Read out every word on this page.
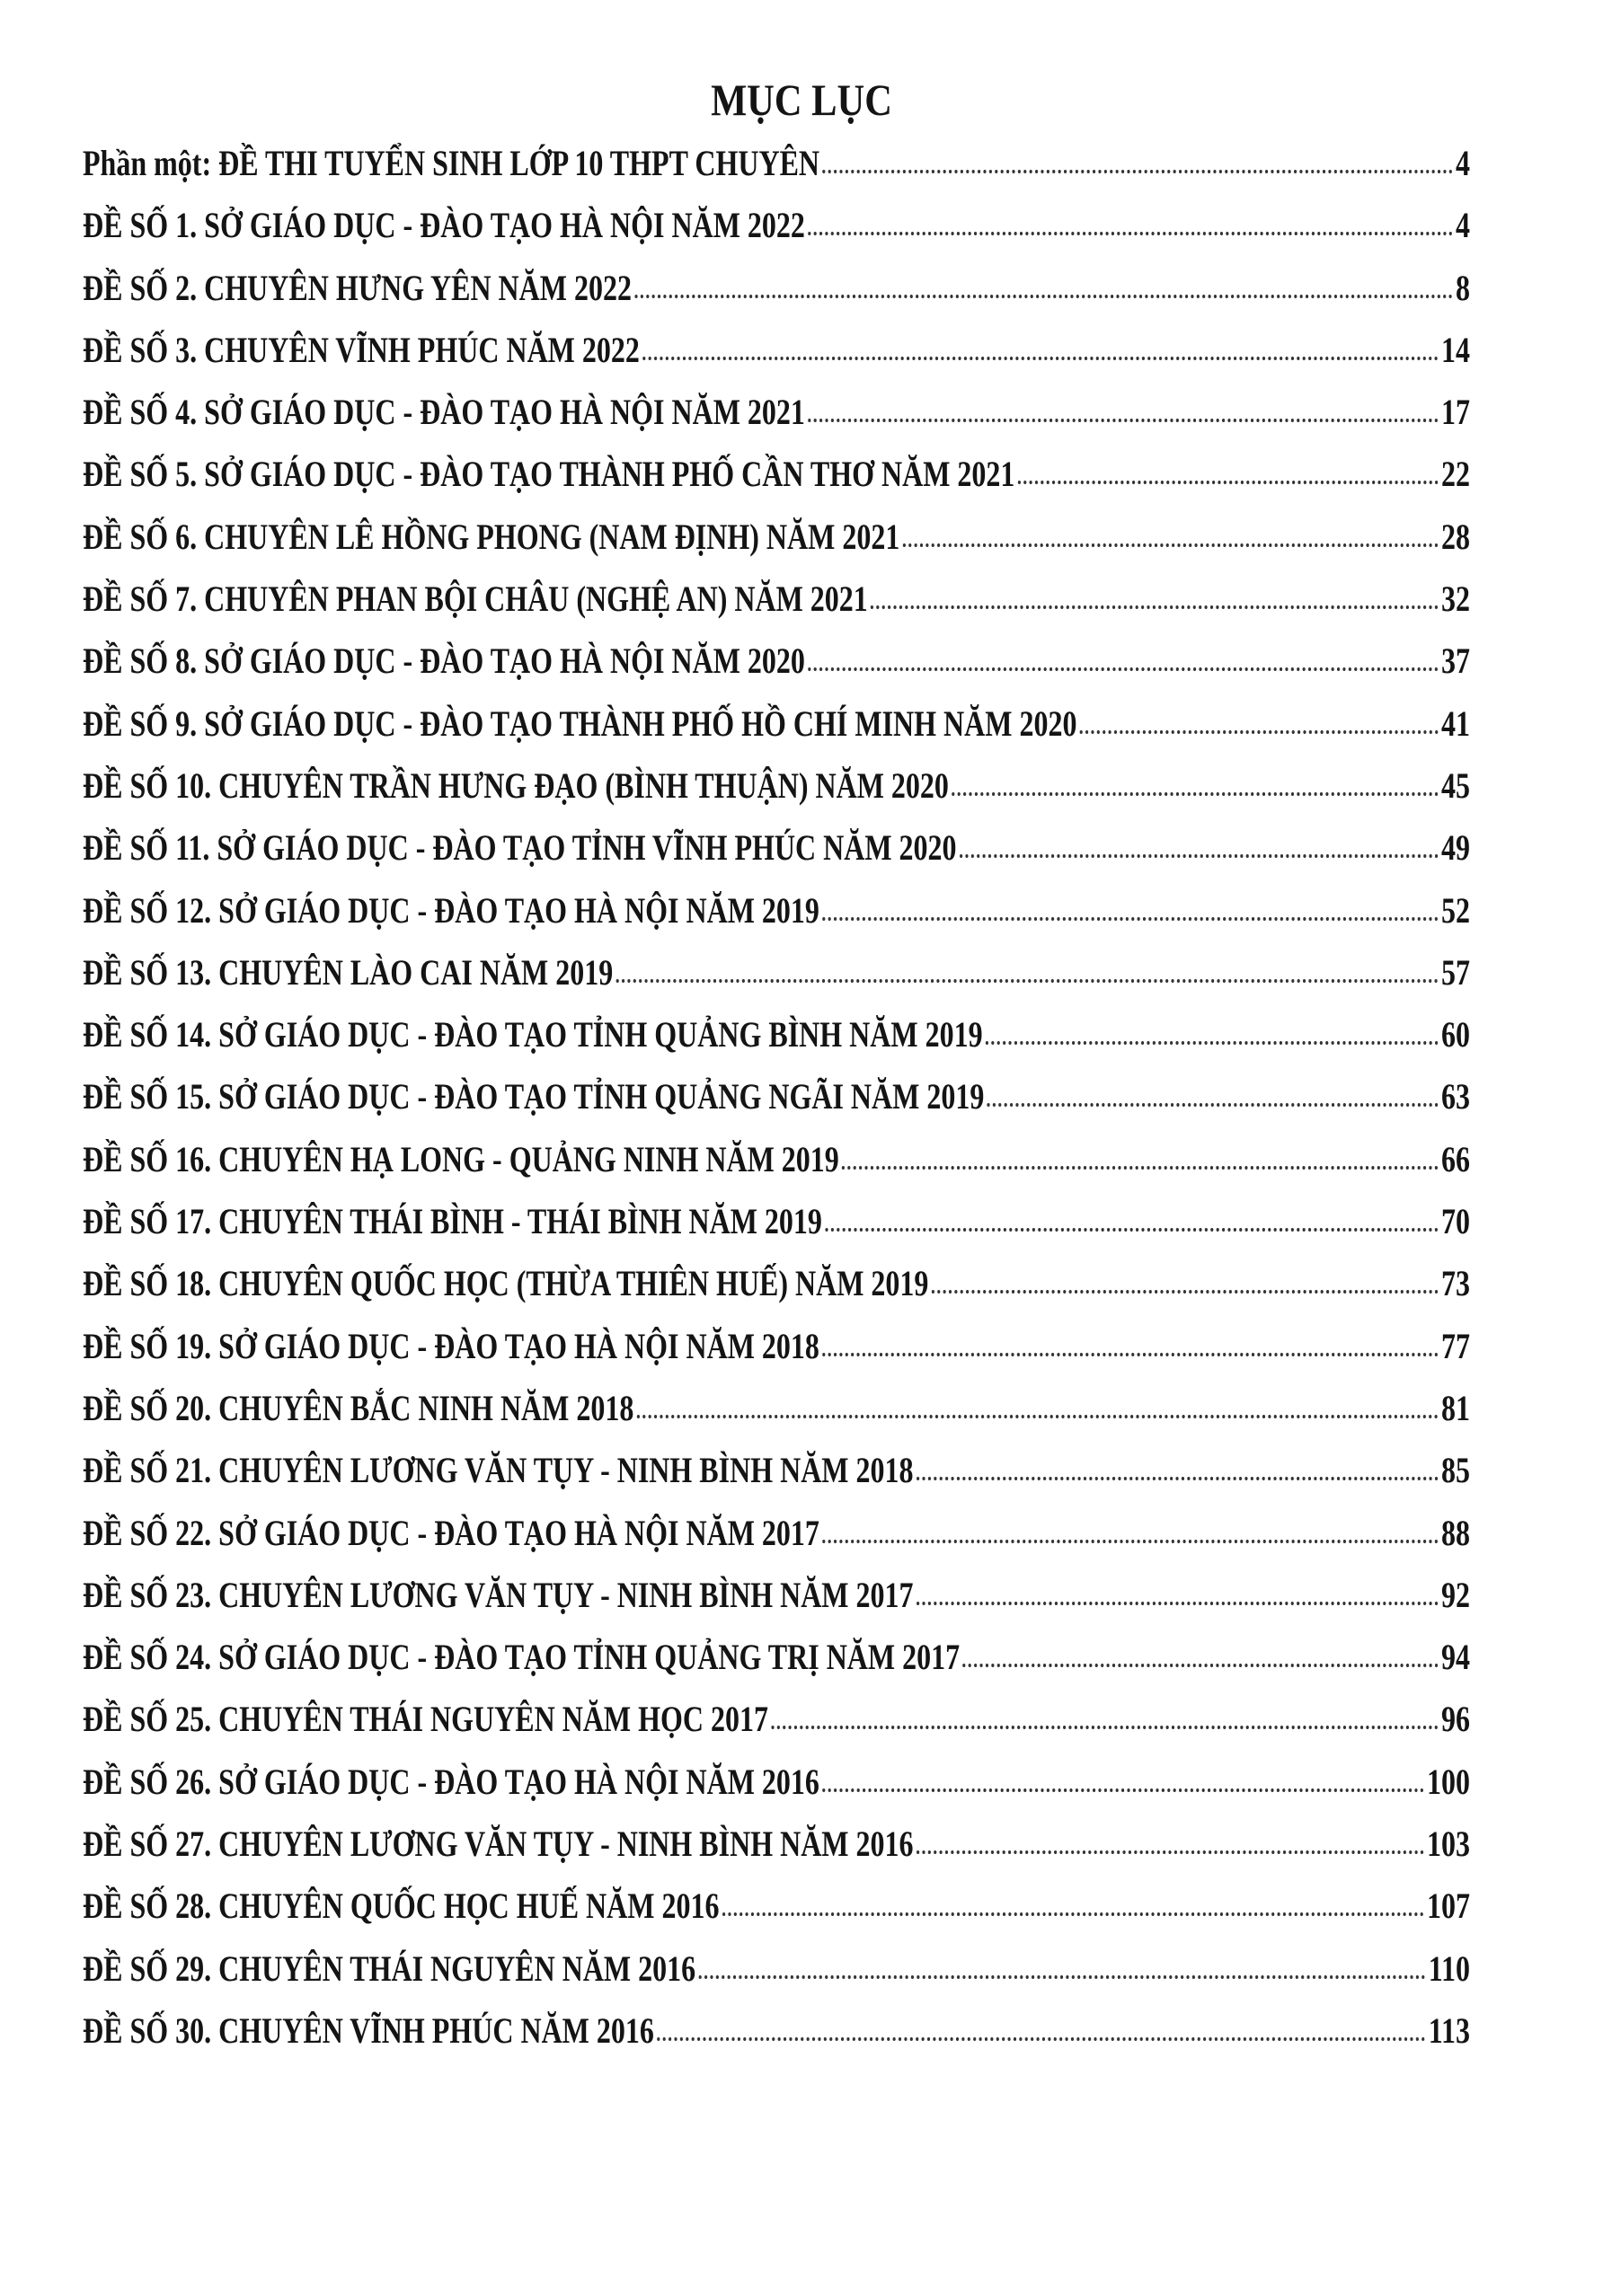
MỤC LỤC
Phần một: ĐỀ THI TUYỂN SINH LỚP 10 THPT CHUYÊN	4
ĐỀ SỐ 1. SỞ GIÁO DỤC - ĐÀO TẠO HÀ NỘI NĂM 2022	4
ĐỀ SỐ 2. CHUYÊN HƯNG YÊN NĂM 2022	8
ĐỀ SỐ 3. CHUYÊN VĨNH PHÚC NĂM 2022	14
ĐỀ SỐ 4. SỞ GIÁO DỤC - ĐÀO TẠO HÀ NỘI NĂM 2021	17
ĐỀ SỐ 5. SỞ GIÁO DỤC - ĐÀO TẠO THÀNH PHỐ CẦN THƠ NĂM 2021	22
ĐỀ SỐ 6. CHUYÊN LÊ HỒNG PHONG (NAM ĐỊNH) NĂM 2021	28
ĐỀ SỐ 7. CHUYÊN PHAN BỘI CHÂU (NGHỆ AN) NĂM 2021	32
ĐỀ SỐ 8. SỞ GIÁO DỤC - ĐÀO TẠO HÀ NỘI NĂM 2020	37
ĐỀ SỐ 9. SỞ GIÁO DỤC - ĐÀO TẠO THÀNH PHỐ HỒ CHÍ MINH NĂM 2020	41
ĐỀ SỐ 10. CHUYÊN TRẦN HƯNG ĐẠO (BÌNH THUẬN) NĂM 2020	45
ĐỀ SỐ 11. SỞ GIÁO DỤC - ĐÀO TẠO TỈNH VĨNH PHÚC NĂM 2020	49
ĐỀ SỐ 12. SỞ GIÁO DỤC - ĐÀO TẠO HÀ NỘI NĂM 2019	52
ĐỀ SỐ 13. CHUYÊN LÀO CAI NĂM 2019	57
ĐỀ SỐ 14. SỞ GIÁO DỤC - ĐÀO TẠO TỈNH QUẢNG BÌNH NĂM 2019	60
ĐỀ SỐ 15. SỞ GIÁO DỤC - ĐÀO TẠO TỈNH QUẢNG NGÃI NĂM 2019	63
ĐỀ SỐ 16. CHUYÊN HẠ LONG - QUẢNG NINH NĂM 2019	66
ĐỀ SỐ 17. CHUYÊN THÁI BÌNH - THÁI BÌNH NĂM 2019	70
ĐỀ SỐ 18. CHUYÊN QUỐC HỌC (THỪA THIÊN HUẾ) NĂM 2019	73
ĐỀ SỐ 19. SỞ GIÁO DỤC - ĐÀO TẠO HÀ NỘI NĂM 2018	77
ĐỀ SỐ 20. CHUYÊN BẮC NINH NĂM 2018	81
ĐỀ SỐ 21. CHUYÊN LƯƠNG VĂN TỤY - NINH BÌNH NĂM 2018	85
ĐỀ SỐ 22. SỞ GIÁO DỤC - ĐÀO TẠO HÀ NỘI NĂM 2017	88
ĐỀ SỐ 23. CHUYÊN LƯƠNG VĂN TỤY - NINH BÌNH NĂM 2017	92
ĐỀ SỐ 24. SỞ GIÁO DỤC - ĐÀO TẠO TỈNH QUẢNG TRỊ NĂM 2017	94
ĐỀ SỐ 25. CHUYÊN THÁI NGUYÊN NĂM HỌC 2017	96
ĐỀ SỐ 26. SỞ GIÁO DỤC - ĐÀO TẠO HÀ NỘI NĂM 2016	100
ĐỀ SỐ 27. CHUYÊN LƯƠNG VĂN TỤY - NINH BÌNH NĂM 2016	103
ĐỀ SỐ 28. CHUYÊN QUỐC HỌC HUẾ NĂM 2016	107
ĐỀ SỐ 29. CHUYÊN THÁI NGUYÊN NĂM 2016	110
ĐỀ SỐ 30. CHUYÊN VĨNH PHÚC NĂM 2016	113
